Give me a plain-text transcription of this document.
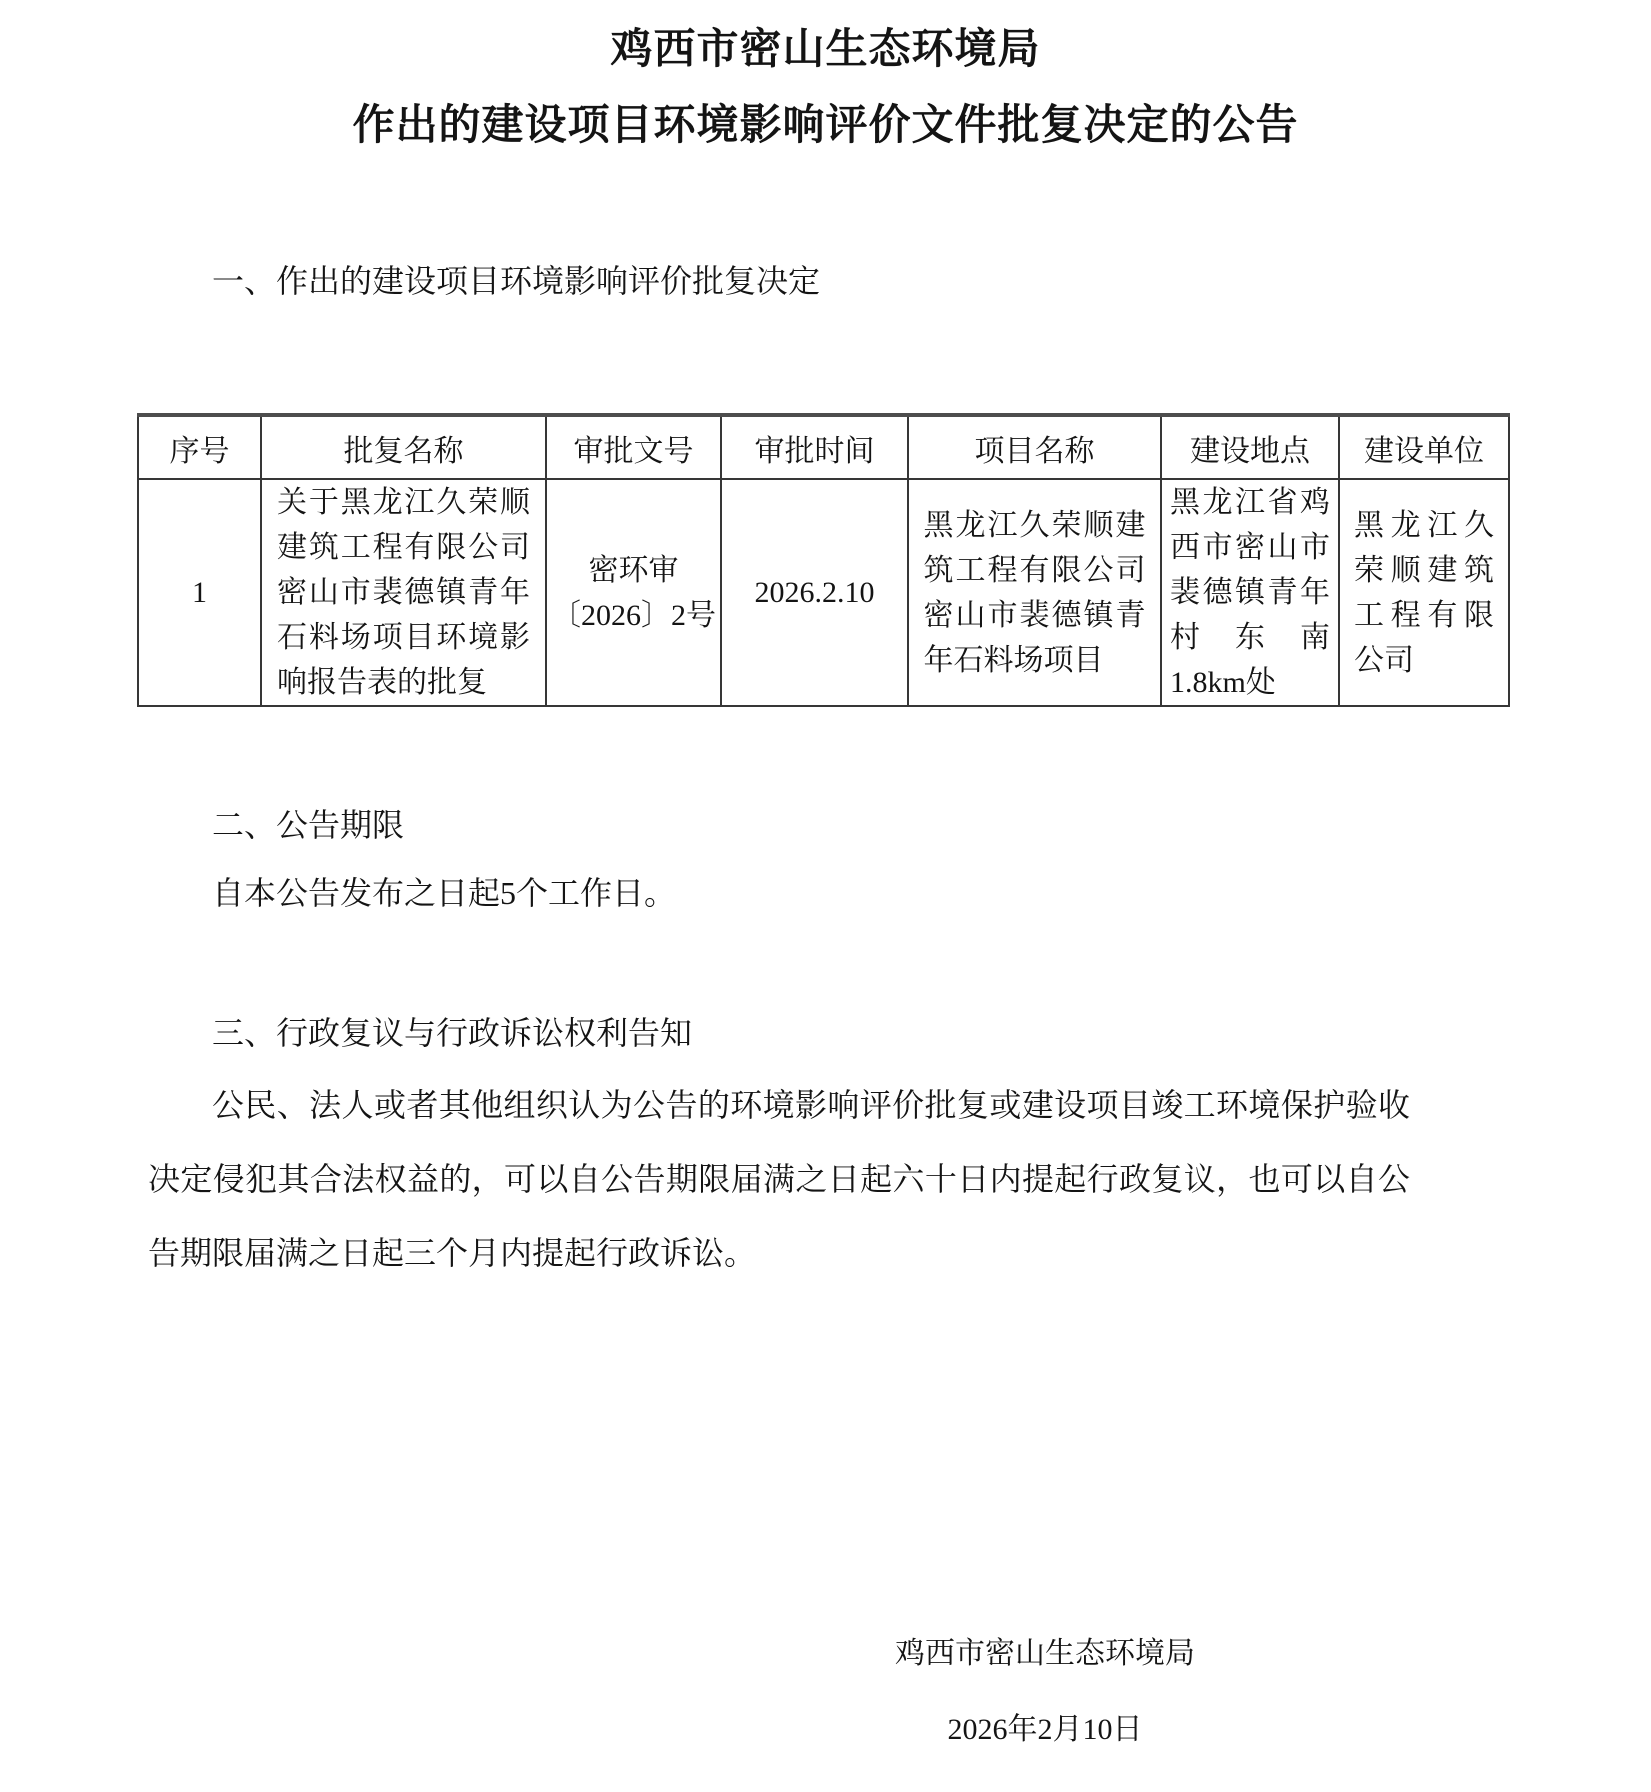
鸡西市密山生态环境局
作出的建设项目环境影响评价文件批复决定的公告
一、作出的建设项目环境影响评价批复决定
序号	批复名称	审批文号	审批时间	项目名称	建设地点	建设单位
1	关于黑龙江久荣顺建筑工程有限公司密山市裴德镇青年石料场项目环境影响报告表的批复	密环审〔2026〕2号	2026.2.10	黑龙江久荣顺建筑工程有限公司密山市裴德镇青年石料场项目	黑龙江省鸡西市密山市裴德镇青年村东南1.8km处	黑龙江久荣顺建筑工程有限公司
二、公告期限
自本公告发布之日起5个工作日。
三、行政复议与行政诉讼权利告知
公民、法人或者其他组织认为公告的环境影响评价批复或建设项目竣工环境保护验收决定侵犯其合法权益的，可以自公告期限届满之日起六十日内提起行政复议，也可以自公告期限届满之日起三个月内提起行政诉讼。
鸡西市密山生态环境局
2026年2月10日
